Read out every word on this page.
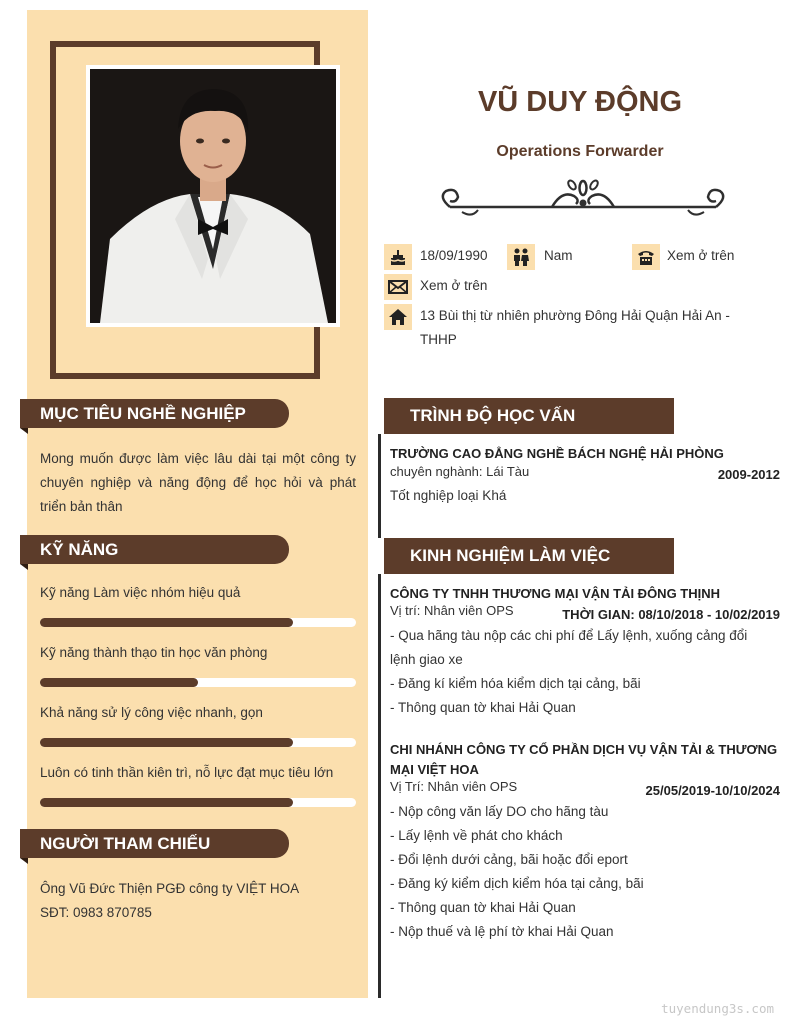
MỤC TIÊU NGHỀ NGHIỆP
Mong muốn được làm việc lâu dài tại một công ty chuyên nghiệp và năng động để học hỏi và phát triển bản thân
KỸ NĂNG
Kỹ năng Làm việc nhóm hiệu quả
Kỹ năng thành thạo tin học văn phòng
Khả năng sử lý công việc nhanh, gọn
Luôn có tinh thần kiên trì, nỗ lực đạt mục tiêu lớn
NGƯỜI THAM CHIẾU
Ông Vũ Đức Thiện PGĐ công ty VIỆT HOA
SĐT: 0983 870785
VŨ DUY ĐỘNG
Operations Forwarder
18/09/1990	Nam	Xem ở trên
Xem ở trên
13 Bùi thị từ nhiên phường Đông Hải Quận Hải An -
THHP
TRÌNH ĐỘ HỌC VẤN
TRƯỜNG CAO ĐẲNG NGHỀ BÁCH NGHỆ HẢI PHÒNG
chuyên nghành: Lái Tàu	2009-2012
Tốt nghiệp loại Khá
KINH NGHIỆM LÀM VIỆC
CÔNG TY TNHH THƯƠNG MẠI VẬN TẢI ĐÔNG THỊNH
Vị trí: Nhân viên OPS	THỜI GIAN: 08/10/2018 - 10/02/2019
- Qua hãng tàu nộp các chi phí để Lấy lệnh, xuống cảng đổi
lệnh giao xe
- Đăng kí kiểm hóa kiểm dịch tại cảng, bãi
- Thông quan tờ khai Hải Quan
CHI NHÁNH CÔNG TY CỔ PHẦN DỊCH VỤ VẬN TẢI & THƯƠNG
MẠI VIỆT HOA
Vị Trí: Nhân viên OPS	25/05/2019-10/10/2024
- Nộp công văn lấy DO cho hãng tàu
- Lấy lệnh về phát cho khách
- Đổi lệnh dưới cảng, bãi hoặc đổi eport
- Đăng ký kiểm dịch kiểm hóa tại cảng, bãi
- Thông quan tờ khai Hải Quan
- Nộp thuế và lệ phí tờ khai Hải Quan
tuyendung3s.com
